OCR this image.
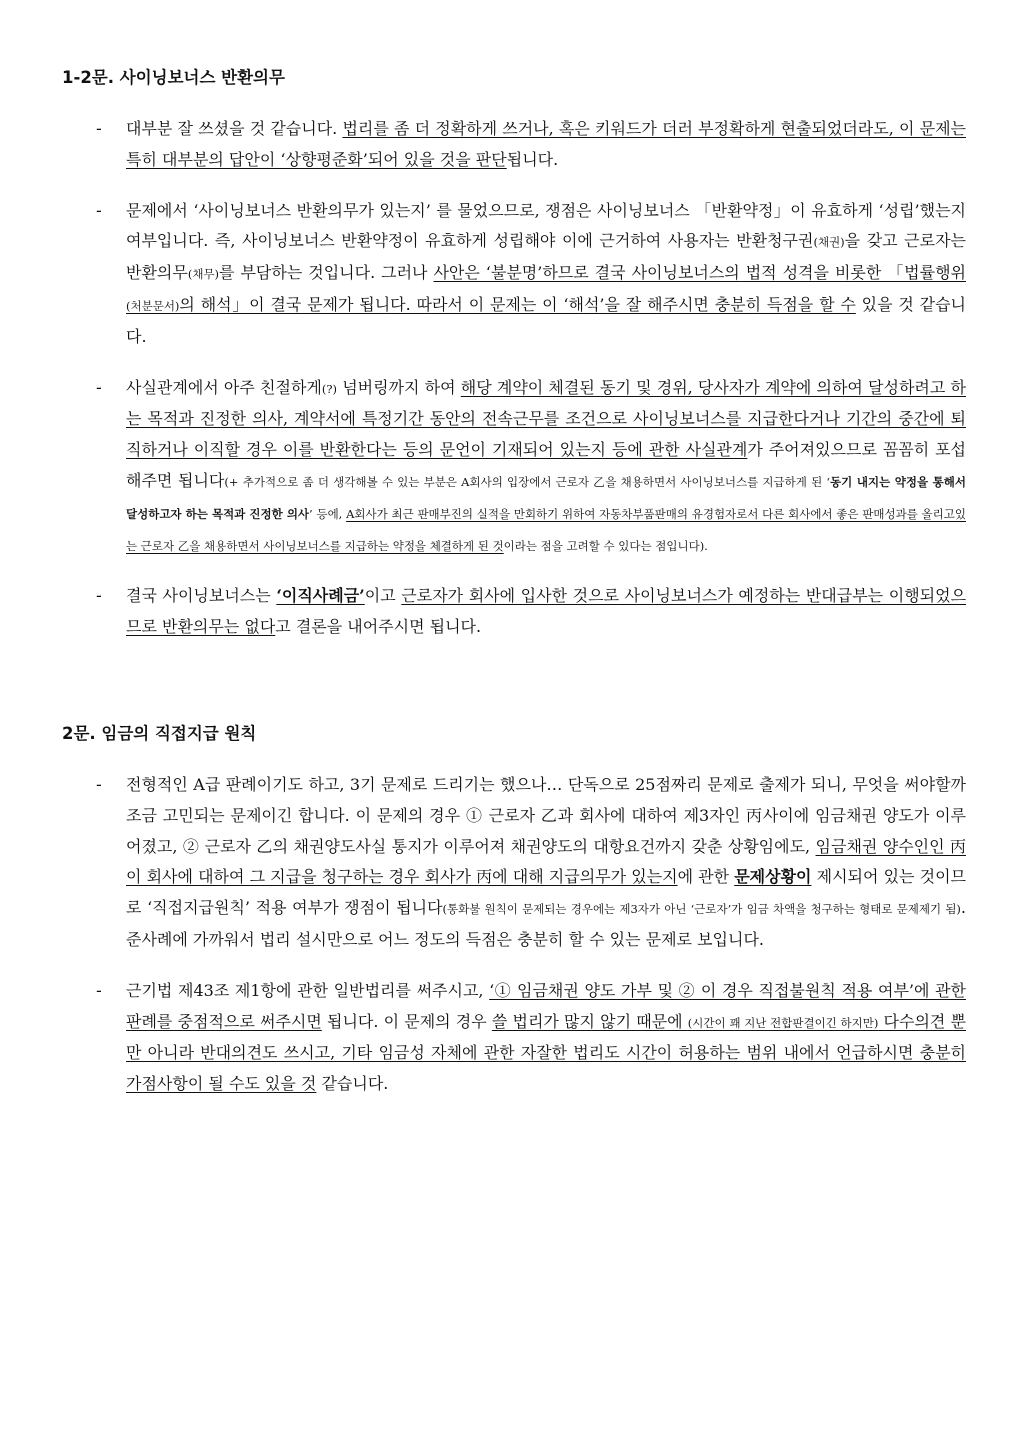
1-2문. 사이닝보너스 반환의무
- 대부분 잘 쓰셨을 것 같습니다. 법리를 좀 더 정확하게 쓰거나, 혹은 키워드가 더러 부정확하게 현출되었더라도, 이 문제는 특히 대부분의 답안이 ‘상향평준화’되어 있을 것을 판단됩니다.
- 문제에서 ‘사이닝보너스 반환의무가 있는지’ 를 물었으므로, 쟁점은 사이닝보너스 「반환약정」이 유효하게 ‘성립’했는지 여부입니다. 즉, 사이닝보너스 반환약정이 유효하게 성립해야 이에 근거하여 사용자는 반환청구권(채권)을 갖고 근로자는 반환의무(채무)를 부담하는 것입니다. 그러나 사안은 ‘불분명’하므로 결국 사이닝보너스의 법적 성격을 비롯한 「법률행위(처분문서)의 해석」이 결국 문제가 됩니다. 따라서 이 문제는 이 ‘해석’을 잘 해주시면 충분히 득점을 할 수 있을 것 같습니다.
- 사실관계에서 아주 친절하게(?) 넘버링까지 하여 해당 계약이 체결된 동기 및 경위, 당사자가 계약에 의하여 달성하려고 하는 목적과 진정한 의사, 계약서에 특정기간 동안의 전속근무를 조건으로 사이닝보너스를 지급한다거나 기간의 중간에 퇴직하거나 이직할 경우 이를 반환한다는 등의 문언이 기재되어 있는지 등에 관한 사실관계가 주어져있으므로 꼼꼼히 포섭해주면 됩니다(+ 추가적으로 좀 더 생각해볼 수 있는 부분은 A회사의 입장에서 근로자 乙을 채용하면서 사이닝보너스를 지급하게 된 ‘동기 내지는 약정을 통해서 달성하고자 하는 목적과 진정한 의사’ 등에, A회사가 최근 판매부진의 실적을 만회하기 위하여 자동차부품판매의 유경험자로서 다른 회사에서 좋은 판매성과를 올리고있는 근로자 乙을 채용하면서 사이닝보너스를 지급하는 약정을 체결하게 된 것이라는 점을 고려할 수 있다는 점입니다).
- 결국 사이닝보너스는 ‘이직사례금’이고 근로자가 회사에 입사한 것으로 사이닝보너스가 예정하는 반대급부는 이행되었으므로 반환의무는 없다고 결론을 내어주시면 됩니다.
2문. 임금의 직접지급 원칙
- 전형적인 A급 판례이기도 하고, 3기 문제로 드리기는 했으나… 단독으로 25점짜리 문제로 출제가 되니, 무엇을 써야할까 조금 고민되는 문제이긴 합니다. 이 문제의 경우 ① 근로자 乙과 회사에 대하여 제3자인 丙사이에 임금채권 양도가 이루어졌고, ② 근로자 乙의 채권양도사실 통지가 이루어져 채권양도의 대항요건까지 갖춘 상황임에도, 임금채권 양수인인 丙이 회사에 대하여 그 지급을 청구하는 경우 회사가 丙에 대해 지급의무가 있는지에 관한 문제상황이 제시되어 있는 것이므로 ‘직접지급원칙’ 적용 여부가 쟁점이 됩니다(통화불 원칙이 문제되는 경우에는 제3자가 아닌 ‘근로자’가 임금 차액을 청구하는 형태로 문제제기 됨). 준사례에 가까워서 법리 설시만으로 어느 정도의 득점은 충분히 할 수 있는 문제로 보입니다.
- 근기법 제43조 제1항에 관한 일반법리를 써주시고, ‘① 임금채권 양도 가부 및 ② 이 경우 직접불원칙 적용 여부’에 관한 판례를 중점적으로 써주시면 됩니다. 이 문제의 경우 쓸 법리가 많지 않기 때문에 (시간이 꽤 지난 전합판결이긴 하지만) 다수의견 뿐만 아니라 반대의견도 쓰시고, 기타 임금성 자체에 관한 자잘한 법리도 시간이 허용하는 범위 내에서 언급하시면 충분히 가점사항이 될 수도 있을 것 같습니다.
